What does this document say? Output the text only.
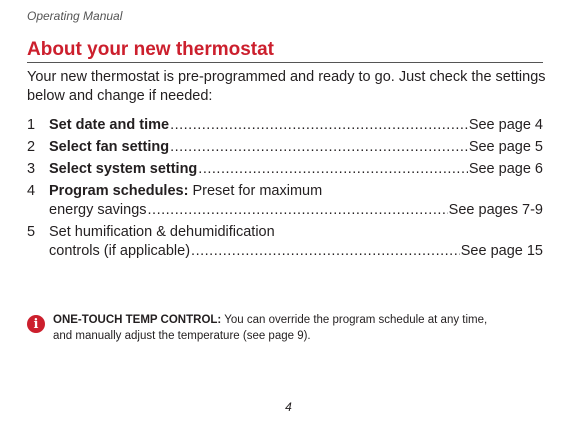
Operating Manual
About your new thermostat
Your new thermostat is pre-programmed and ready to go. Just check the settings below and change if needed:
1 Set date and time .....	See page 4
2 Select fan setting .....	See page 5
3 Select system setting .....	See page 6
4 Program schedules:
Preset for maximum
energy savings .....	See pages 7-9
5 Set humification & dehumidification
controls (if applicable) .....	See page 15
i	ONE-TOUCH TEMP CONTROL: You can override the program schedule at any time,
and manually adjust the temperature (see page 9).
4
